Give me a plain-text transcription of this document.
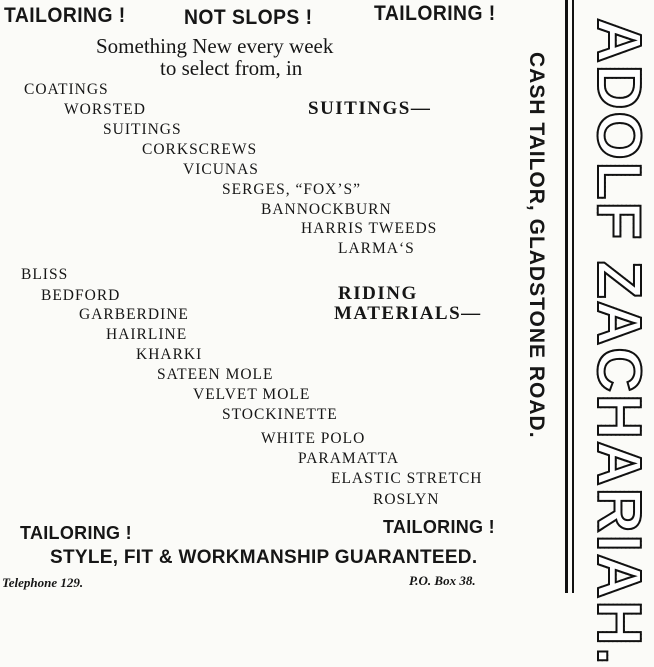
TAILORING !	NOT SLOPS !	TAILORING !
Something New every week
to select from, in
COATINGS
WORSTED
SUITINGS
CORKSCREWS
VICUNAS
SERGES, “FOX’S”
BANNOCKBURN
HARRIS TWEEDS
LARMA‘S
SUITINGS—
BLISS
BEDFORD
GARBERDINE
HAIRLINE
KHARKI
SATEEN MOLE
VELVET MOLE
STOCKINETTE
WHITE POLO
PARAMATTA
ELASTIC STRETCH
ROSLYN
RIDING
MATERIALS—
TAILORING !	TAILORING !
STYLE, FIT & WORKMANSHIP GUARANTEED.
Telephone 129.	P.O. Box 38.
CASH TAILOR, GLADSTONE ROAD. ADOLF ZACHARIAH.
